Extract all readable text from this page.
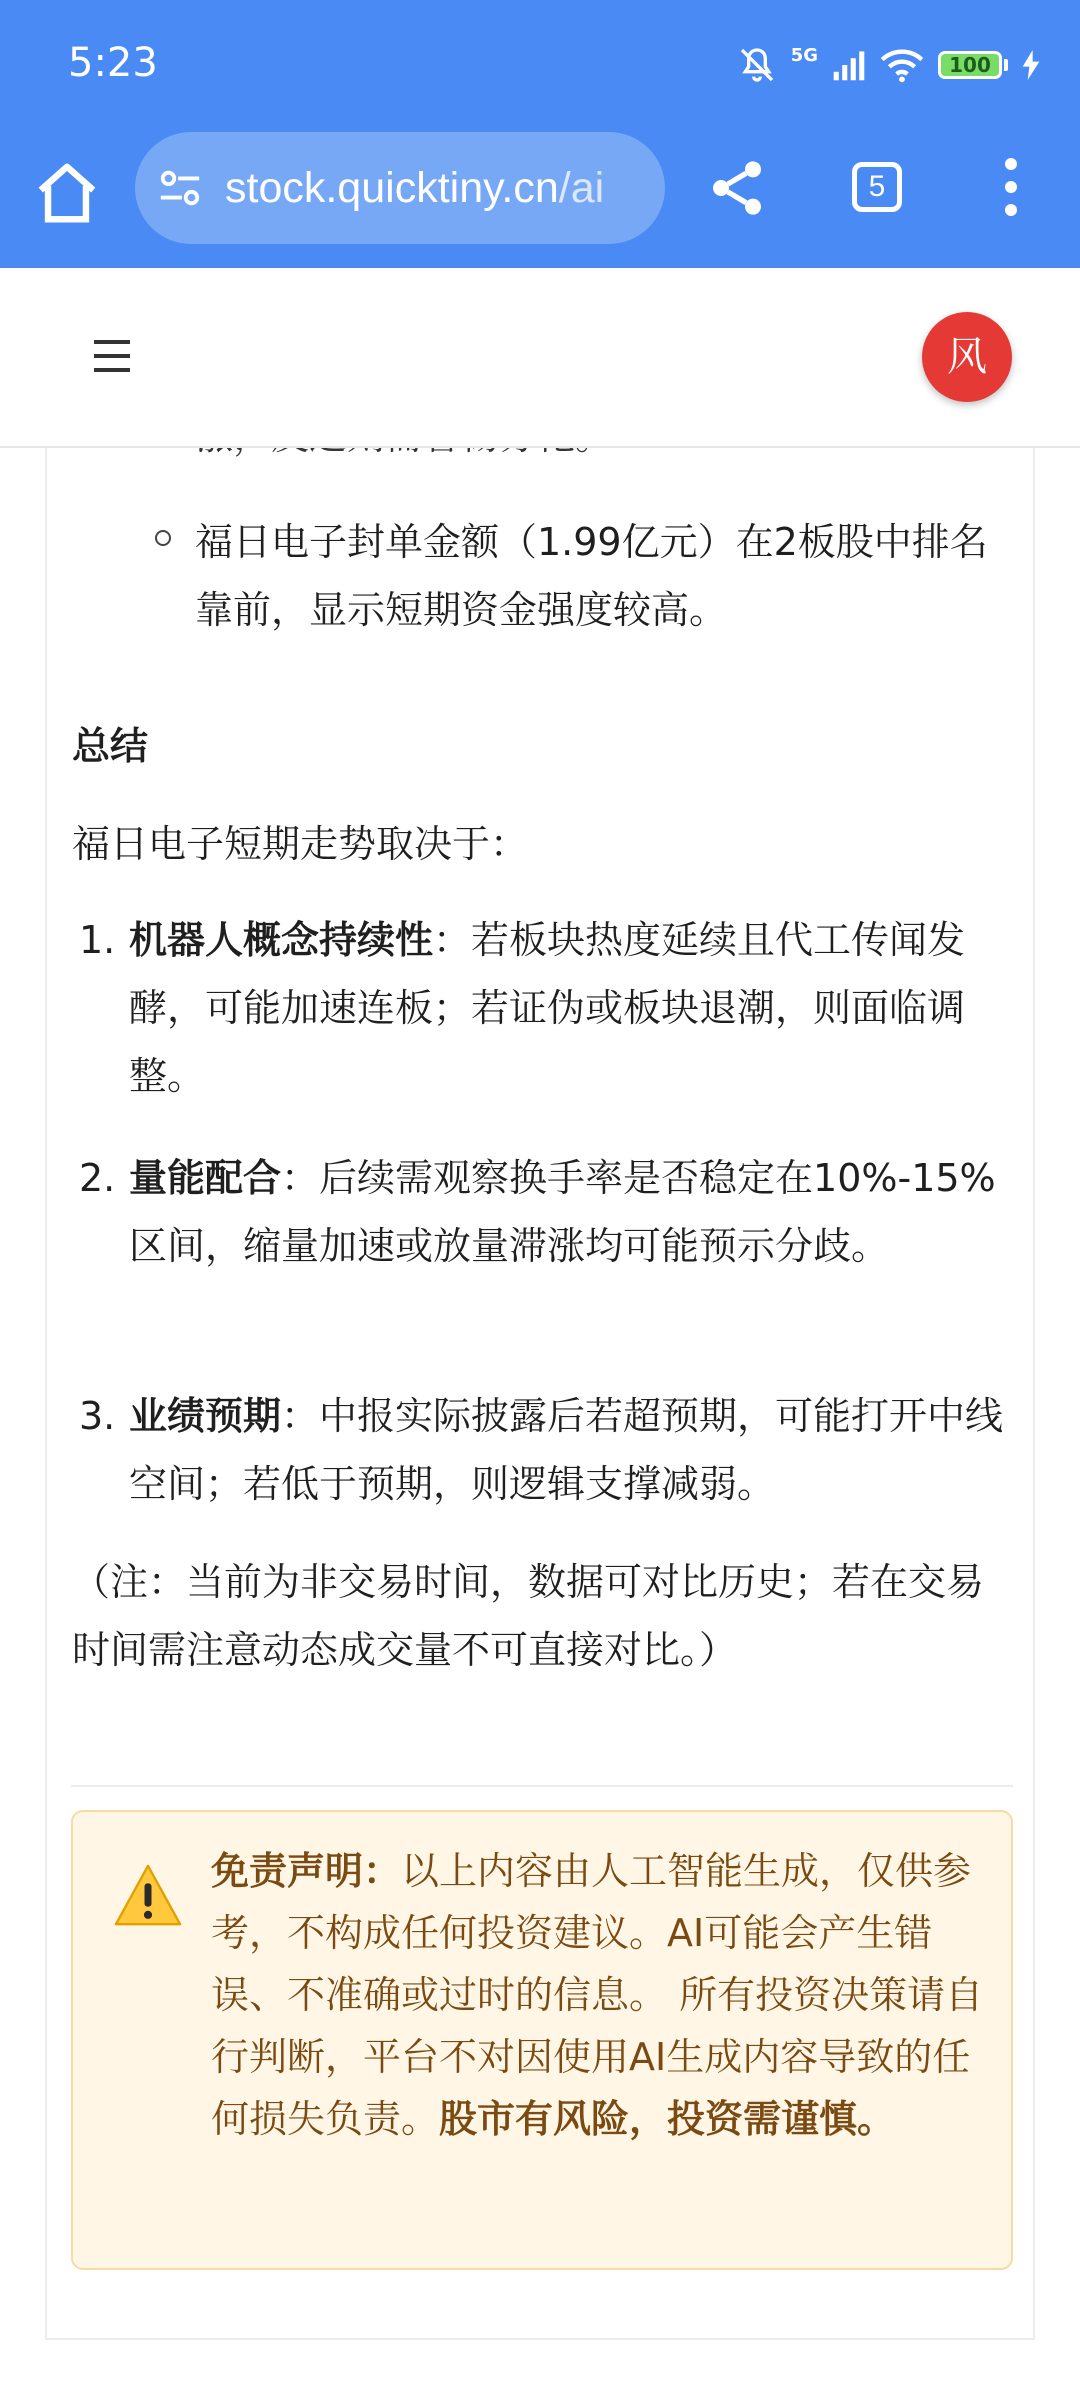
5:23	5G	100
stock.quicktiny.cn/ai	5
风

福日电子封单金额（1.99亿元）在2板股中排名靠前，显示短期资金强度较高。

总结

福日电子短期走势取决于：

1. 机器人概念持续性：若板块热度延续且代工传闻发酵，可能加速连板；若证伪或板块退潮，则面临调整。

2. 量能配合：后续需观察换手率是否稳定在10%-15%区间，缩量加速或放量滞涨均可能预示分歧。

3. 业绩预期：中报实际披露后若超预期，可能打开中线空间；若低于预期，则逻辑支撑减弱。

（注：当前为非交易时间，数据可对比历史；若在交易时间需注意动态成交量不可直接对比。）

免责声明：以上内容由人工智能生成，仅供参考，不构成任何投资建议。AI可能会产生错误、不准确或过时的信息。 所有投资决策请自行判断，平台不对因使用AI生成内容导致的任何损失负责。股市有风险，投资需谨慎。
